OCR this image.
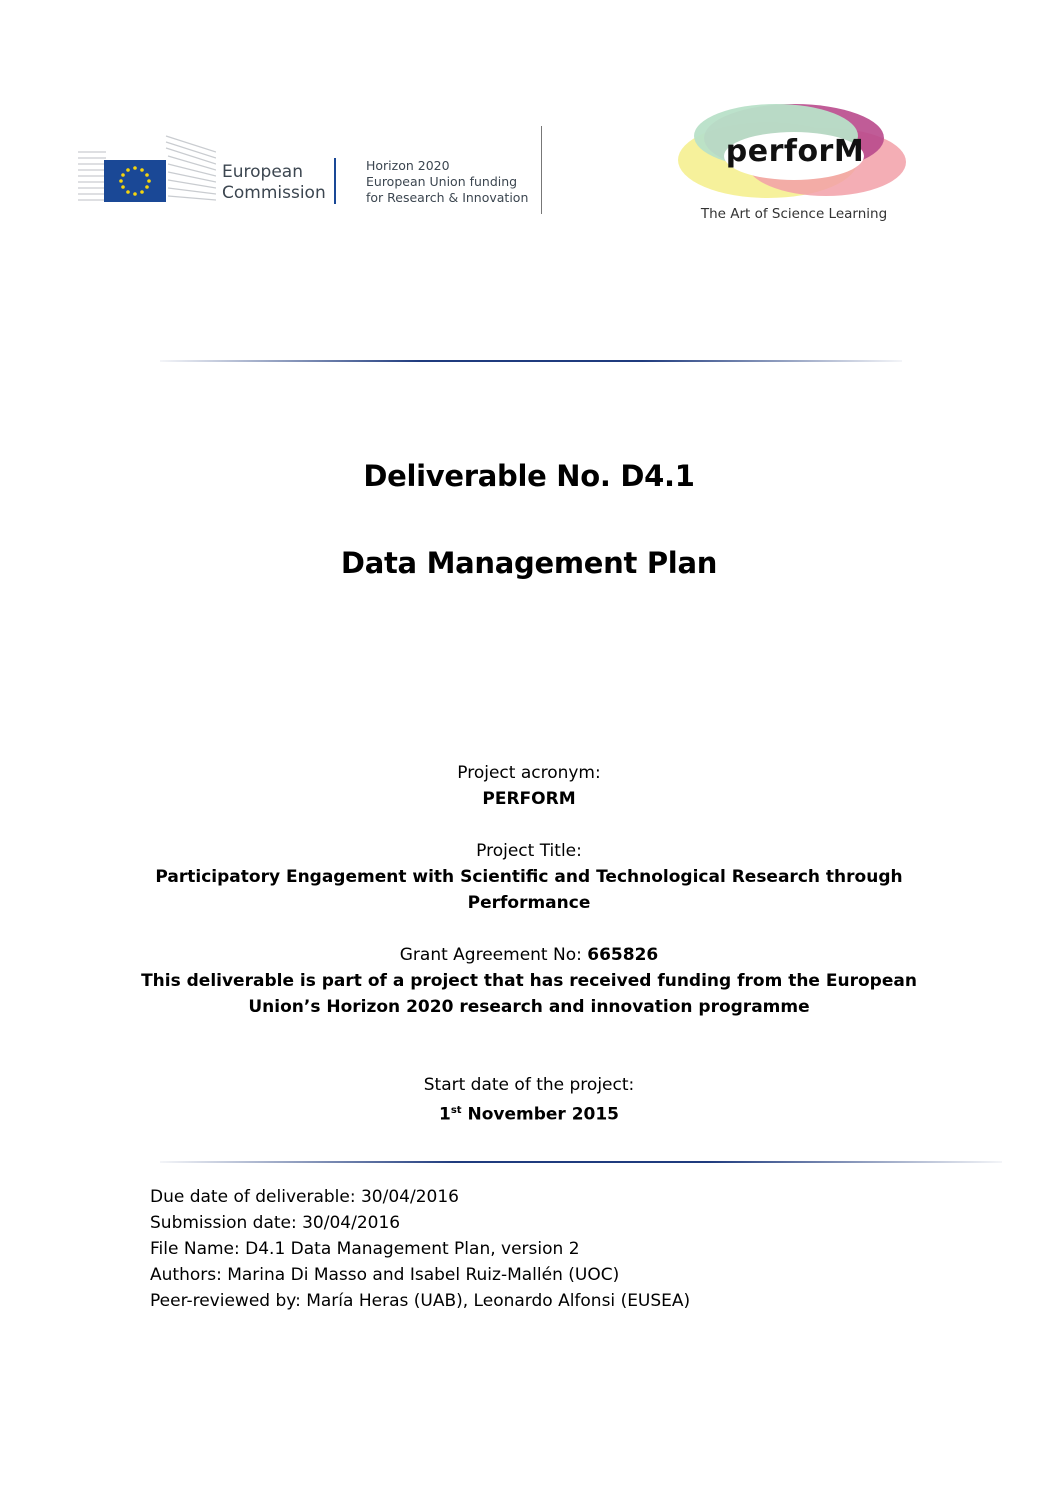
European
Commission
Horizon 2020
European Union funding
for Research & Innovation
perforM
The Art of Science Learning
Deliverable No. D4.1
Data Management Plan
Project acronym:
PERFORM
Project Title:
Participatory Engagement with Scientific and Technological Research through
Performance
Grant Agreement No: 665826
This deliverable is part of a project that has received funding from the European
Union’s Horizon 2020 research and innovation programme
Start date of the project:
1st November 2015
Due date of deliverable: 30/04/2016
Submission date: 30/04/2016
File Name: D4.1 Data Management Plan, version 2
Authors: Marina Di Masso and Isabel Ruiz-Mallén (UOC)
Peer-reviewed by: María Heras (UAB), Leonardo Alfonsi (EUSEA)
